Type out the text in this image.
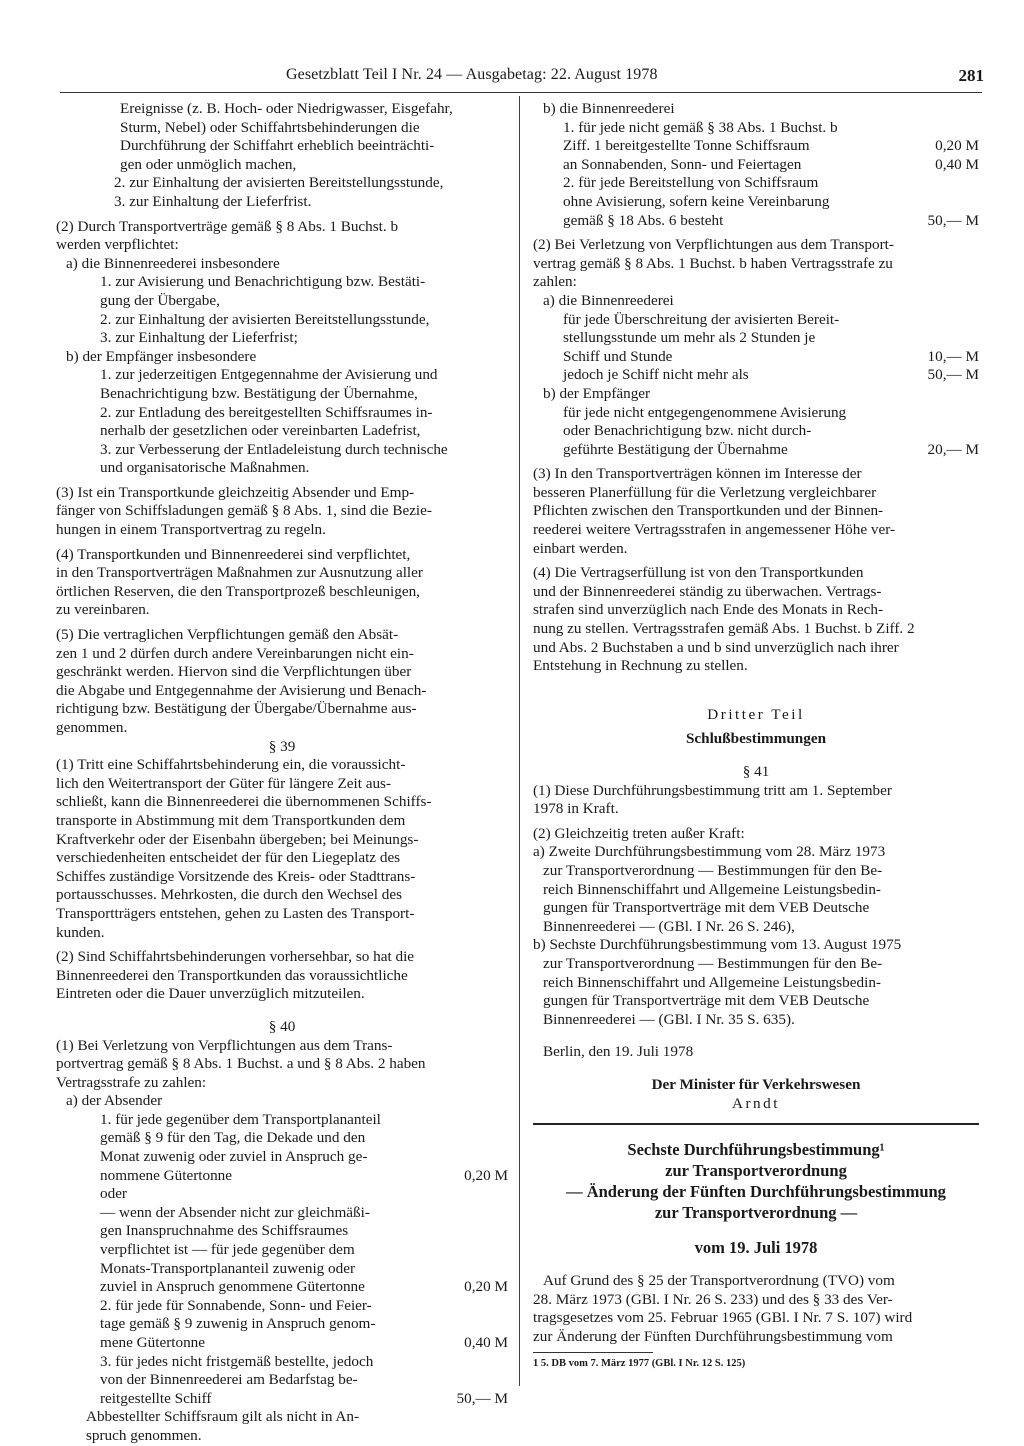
Gesetzblatt Teil I Nr. 24 — Ausgabetag: 22. August 1978	281
Ereignisse (z. B. Hoch- oder Niedrigwasser, Eisgefahr,
Sturm, Nebel) oder Schiffahrtsbehinderungen die
Durchführung der Schiffahrt erheblich beeinträchti-
gen oder unmöglich machen,
2. zur Einhaltung der avisierten Bereitstellungsstunde,
3. zur Einhaltung der Lieferfrist.
(2) Durch Transportverträge gemäß § 8 Abs. 1 Buchst. b
werden verpflichtet:
a) die Binnenreederei insbesondere
1. zur Avisierung und Benachrichtigung bzw. Bestäti-
gung der Übergabe,
2. zur Einhaltung der avisierten Bereitstellungsstunde,
3. zur Einhaltung der Lieferfrist;
b) der Empfänger insbesondere
1. zur jederzeitigen Entgegennahme der Avisierung und
Benachrichtigung bzw. Bestätigung der Übernahme,
2. zur Entladung des bereitgestellten Schiffsraumes in-
nerhalb der gesetzlichen oder vereinbarten Ladefrist,
3. zur Verbesserung der Entladeleistung durch technische
und organisatorische Maßnahmen.
(3) Ist ein Transportkunde gleichzeitig Absender und Emp-
fänger von Schiffsladungen gemäß § 8 Abs. 1, sind die Bezie-
hungen in einem Transportvertrag zu regeln.
(4) Transportkunden und Binnenreederei sind verpflichtet,
in den Transportverträgen Maßnahmen zur Ausnutzung aller
örtlichen Reserven, die den Transportprozeß beschleunigen,
zu vereinbaren.
(5) Die vertraglichen Verpflichtungen gemäß den Absät-
zen 1 und 2 dürfen durch andere Vereinbarungen nicht ein-
geschränkt werden. Hiervon sind die Verpflichtungen über
die Abgabe und Entgegennahme der Avisierung und Benach-
richtigung bzw. Bestätigung der Übergabe/Übernahme aus-
genommen.
§ 39
(1) Tritt eine Schiffahrtsbehinderung ein, die voraussicht-
lich den Weitertransport der Güter für längere Zeit aus-
schließt, kann die Binnenreederei die übernommenen Schiffs-
transporte in Abstimmung mit dem Transportkunden dem
Kraftverkehr oder der Eisenbahn übergeben; bei Meinungs-
verschiedenheiten entscheidet der für den Liegeplatz des
Schiffes zuständige Vorsitzende des Kreis- oder Stadttrans-
portausschusses. Mehrkosten, die durch den Wechsel des
Transportträgers entstehen, gehen zu Lasten des Transport-
kunden.
(2) Sind Schiffahrtsbehinderungen vorhersehbar, so hat die
Binnenreederei den Transportkunden das voraussichtliche
Eintreten oder die Dauer unverzüglich mitzuteilen.
§ 40
(1) Bei Verletzung von Verpflichtungen aus dem Trans-
portvertrag gemäß § 8 Abs. 1 Buchst. a und § 8 Abs. 2 haben
Vertragsstrafe zu zahlen:
a) der Absender
1. für jede gegenüber dem Transportplananteil
gemäß § 9 für den Tag, die Dekade und den
Monat zuwenig oder zuviel in Anspruch ge-
nommene Gütertonne	0,20 M
oder
— wenn der Absender nicht zur gleichmäßi-
gen Inanspruchnahme des Schiffsraumes
verpflichtet ist — für jede gegenüber dem
Monats-Transportplananteil zuwenig oder
zuviel in Anspruch genommene Gütertonne	0,20 M
2. für jede für Sonnabende, Sonn- und Feier-
tage gemäß § 9 zuwenig in Anspruch genom-
mene Gütertonne	0,40 M
3. für jedes nicht fristgemäß bestellte, jedoch
von der Binnenreederei am Bedarfstag be-
reitgestellte Schiff	50,— M
Abbestellter Schiffsraum gilt als nicht in An-
spruch genommen.
b) die Binnenreederei
1. für jede nicht gemäß § 38 Abs. 1 Buchst. b
Ziff. 1 bereitgestellte Tonne Schiffsraum	0,20 M
an Sonnabenden, Sonn- und Feiertagen	0,40 M
2. für jede Bereitstellung von Schiffsraum
ohne Avisierung, sofern keine Vereinbarung
gemäß § 18 Abs. 6 besteht	50,— M
(2) Bei Verletzung von Verpflichtungen aus dem Transport-
vertrag gemäß § 8 Abs. 1 Buchst. b haben Vertragsstrafe zu
zahlen:
a) die Binnenreederei
für jede Überschreitung der avisierten Bereit-
stellungsstunde um mehr als 2 Stunden je
Schiff und Stunde	10,— M
jedoch je Schiff nicht mehr als	50,— M
b) der Empfänger
für jede nicht entgegengenommene Avisierung
oder Benachrichtigung bzw. nicht durch-
geführte Bestätigung der Übernahme	20,— M
(3) In den Transportverträgen können im Interesse der
besseren Planerfüllung für die Verletzung vergleichbarer
Pflichten zwischen den Transportkunden und der Binnen-
reederei weitere Vertragsstrafen in angemessener Höhe ver-
einbart werden.
(4) Die Vertragserfüllung ist von den Transportkunden
und der Binnenreederei ständig zu überwachen. Vertrags-
strafen sind unverzüglich nach Ende des Monats in Rech-
nung zu stellen. Vertragsstrafen gemäß Abs. 1 Buchst. b Ziff. 2
und Abs. 2 Buchstaben a und b sind unverzüglich nach ihrer
Entstehung in Rechnung zu stellen.
Dritter Teil
Schlußbestimmungen
§ 41
(1) Diese Durchführungsbestimmung tritt am 1. September
1978 in Kraft.
(2) Gleichzeitig treten außer Kraft:
a) Zweite Durchführungsbestimmung vom 28. März 1973
zur Transportverordnung — Bestimmungen für den Be-
reich Binnenschiffahrt und Allgemeine Leistungsbedin-
gungen für Transportverträge mit dem VEB Deutsche
Binnenreederei — (GBl. I Nr. 26 S. 246),
b) Sechste Durchführungsbestimmung vom 13. August 1975
zur Transportverordnung — Bestimmungen für den Be-
reich Binnenschiffahrt und Allgemeine Leistungsbedin-
gungen für Transportverträge mit dem VEB Deutsche
Binnenreederei — (GBl. I Nr. 35 S. 635).
Berlin, den 19. Juli 1978
Der Minister für Verkehrswesen
Arndt
Sechste Durchführungsbestimmung¹
zur Transportverordnung
— Änderung der Fünften Durchführungsbestimmung
zur Transportverordnung —
vom 19. Juli 1978
Auf Grund des § 25 der Transportverordnung (TVO) vom
28. März 1973 (GBl. I Nr. 26 S. 233) und des § 33 des Ver-
tragsgesetzes vom 25. Februar 1965 (GBl. I Nr. 7 S. 107) wird
zur Änderung der Fünften Durchführungsbestimmung vom
1 5. DB vom 7. März 1977 (GBl. I Nr. 12 S. 125)
